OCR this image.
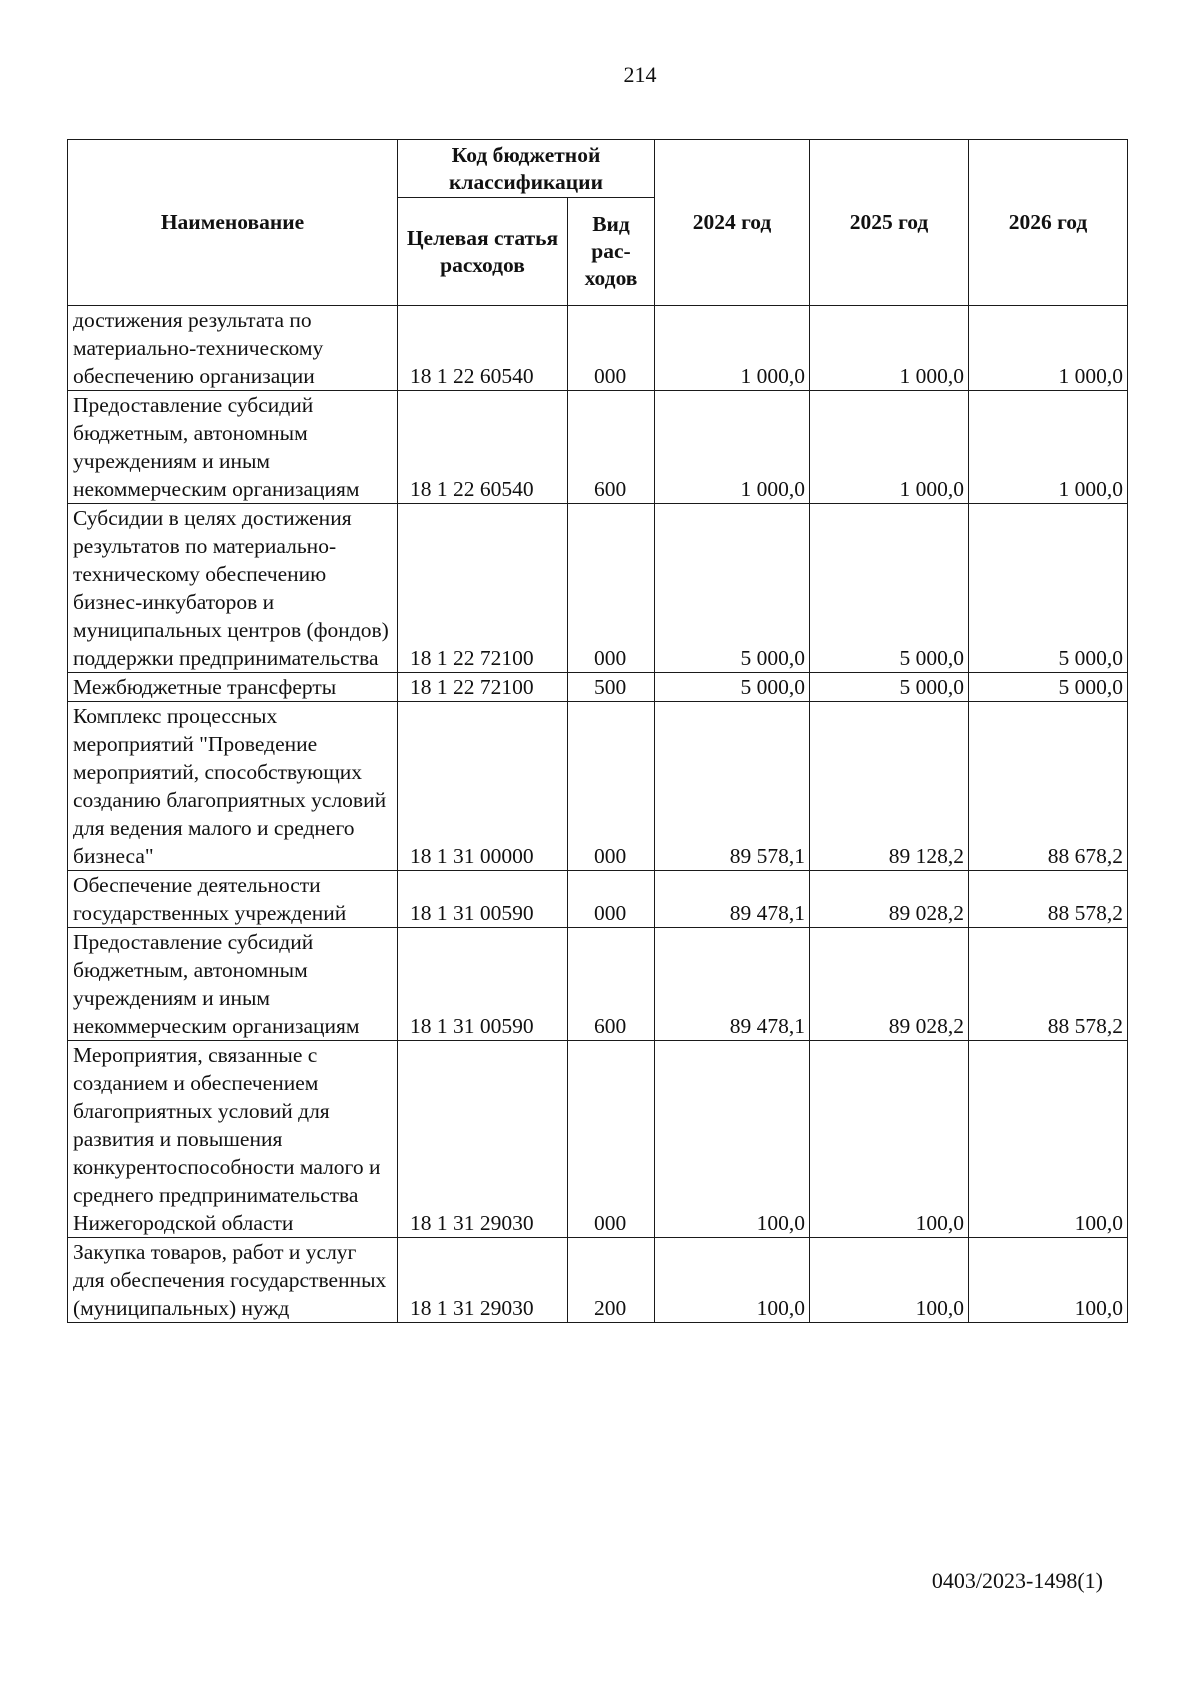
214
Наименование	Код бюджетной классификации		2024 год	2025 год	2026 год
	Целевая статья расходов	Вид рас-ходов			
достижения результата по материально-техническому обеспечению организации	18 1 22 60540	000	1 000,0	1 000,0	1 000,0
Предоставление субсидий бюджетным, автономным учреждениям и иным некоммерческим организациям	18 1 22 60540	600	1 000,0	1 000,0	1 000,0
Субсидии в целях достижения результатов по материально-техническому обеспечению бизнес-инкубаторов и муниципальных центров (фондов) поддержки предпринимательства	18 1 22 72100	000	5 000,0	5 000,0	5 000,0
Межбюджетные трансферты	18 1 22 72100	500	5 000,0	5 000,0	5 000,0
Комплекс процессных мероприятий "Проведение мероприятий, способствующих созданию благоприятных условий для ведения малого и среднего бизнеса"	18 1 31 00000	000	89 578,1	89 128,2	88 678,2
Обеспечение деятельности государственных учреждений	18 1 31 00590	000	89 478,1	89 028,2	88 578,2
Предоставление субсидий бюджетным, автономным учреждениям и иным некоммерческим организациям	18 1 31 00590	600	89 478,1	89 028,2	88 578,2
Мероприятия, связанные с созданием и обеспечением благоприятных условий для развития и повышения конкурентоспособности малого и среднего предпринимательства Нижегородской области	18 1 31 29030	000	100,0	100,0	100,0
Закупка товаров, работ и услуг для обеспечения государственных (муниципальных) нужд	18 1 31 29030	200	100,0	100,0	100,0
0403/2023-1498(1)
